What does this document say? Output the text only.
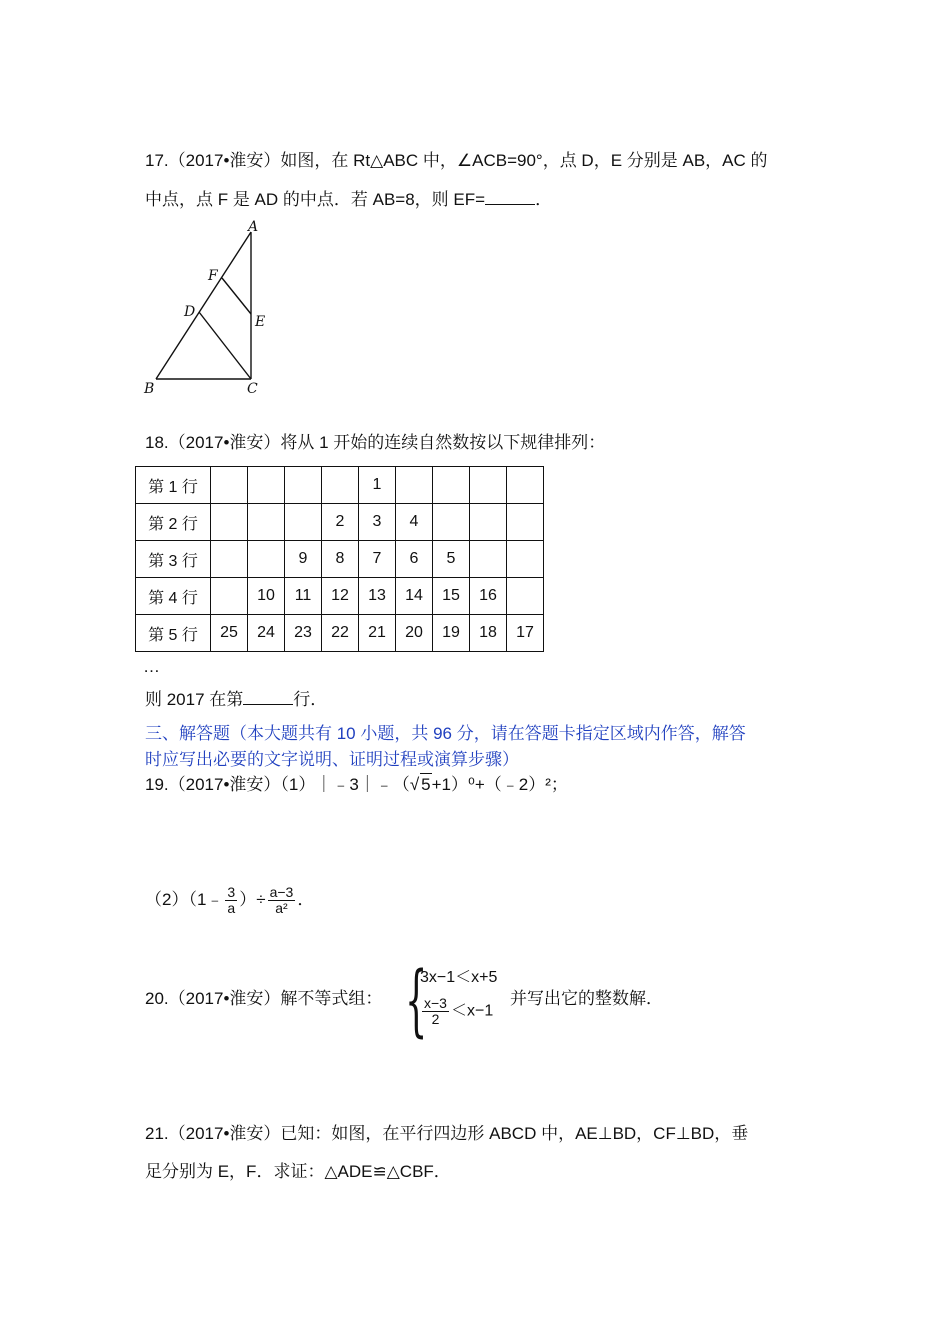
17.（2017•淮安）如图，在 Rt△ABC 中，∠ACB=90°，点 D，E 分别是 AB，AC 的
中点，点 F 是 AD 的中点．若 AB=8，则 EF=	．
A
F
D
E
B	C
18.（2017•淮安）将从 1 开始的连续自然数按以下规律排列：
第 1 行					1				
第 2 行				2	3	4			
第 3 行			9	8	7	6	5		
第 4 行		10	11	12	13	14	15	16	
第 5 行	25	24	23	22	21	20	19	18	17
…
则 2017 在第	行．
三、解答题（本大题共有 10 小题，共 96 分，请在答题卡指定区域内作答，解答
时应写出必要的文字说明、证明过程或演算步骤）
19.（2017•淮安）（1）｜﹣3｜﹣（√ 5+1）⁰+（﹣2）²；
（2）（1﹣ $\frac{3}{a}$ ）÷ $\frac{a-3}{\text{a²}}$ ．
20.（2017•淮安）解不等式组： {
3x−1＜x+5
$\frac{x-3}{2} <x-1$
并写出它的整数解．
21.（2017•淮安）已知：如图，在平行四边形 ABCD 中，AE⊥BD，CF⊥BD，垂
足分别为 E，F．求证：△ADE≌△CBF．
